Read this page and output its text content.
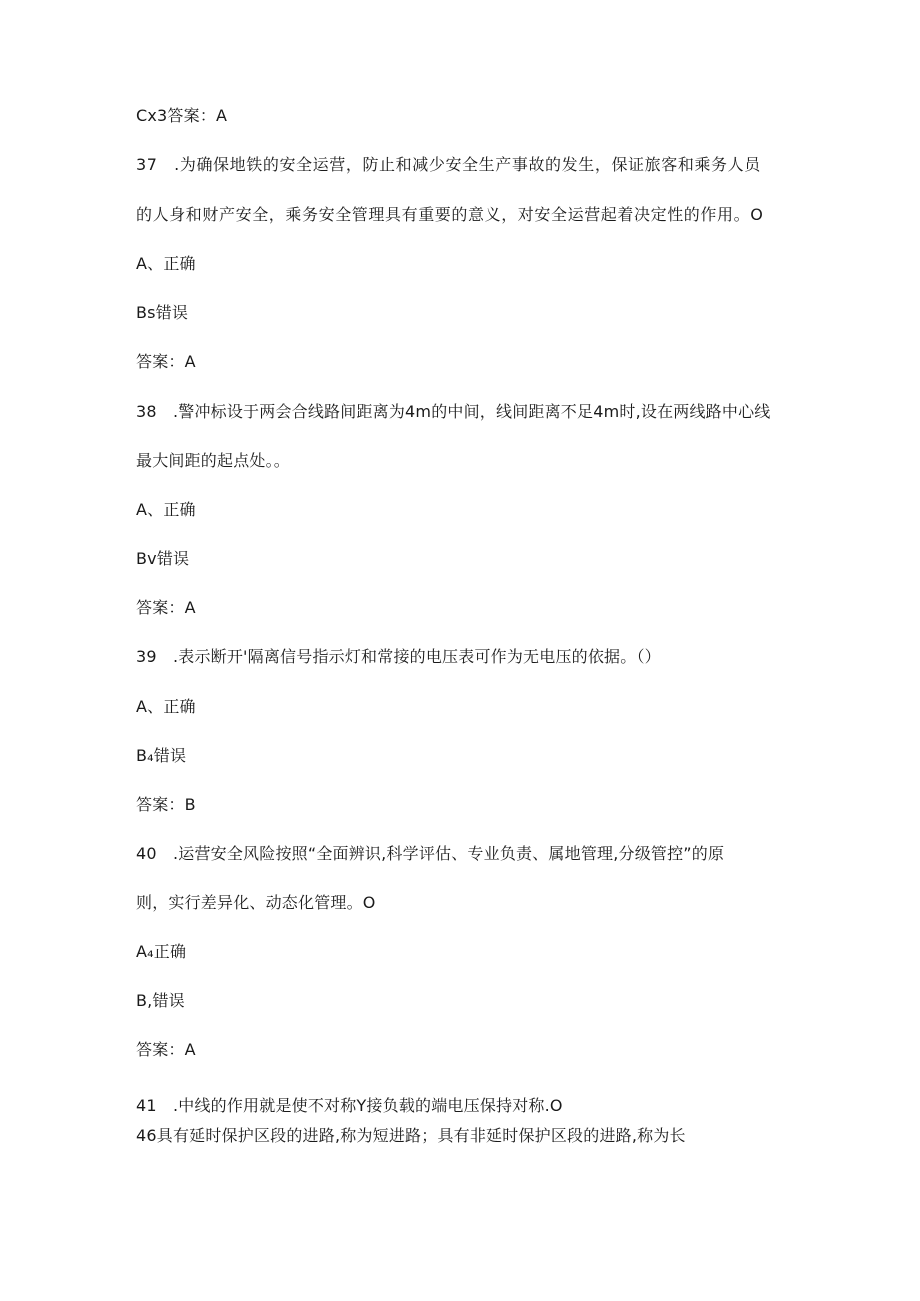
Cx3答案：A
37　.为确保地铁的安全运营，防止和减少安全生产事故的发生，保证旅客和乘务人员
的人身和财产安全，乘务安全管理具有重要的意义，对安全运营起着决定性的作用。O
A、正确
Bs错误
答案：A
38　.警冲标设于两会合线路间距离为4m的中间，线间距离不足4m时,设在两线路中心线
最大间距的起点处。。
A、正确
Bv错误
答案：A
39　.表示断开'隔离信号指示灯和常接的电压表可作为无电压的依据。（）
A、正确
B₄错误
答案：B
40　.运营安全风险按照“全面辨识,科学评估、专业负责、属地管理,分级管控”的原
则，实行差异化、动态化管理。O
A₄正确
B,错误
答案：A
41　.中线的作用就是使不对称Y接负载的端电压保持对称.O
46具有延时保护区段的进路,称为短进路；具有非延时保护区段的进路,称为长
